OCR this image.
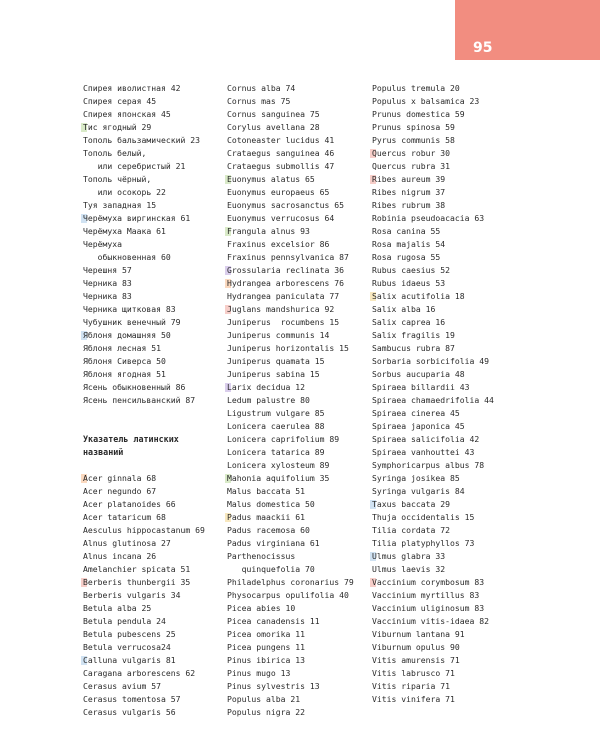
95
Спирея иволистная 42
Спирея серая 45
Спирея японская 45
Тис ягодный 29
Тополь бальзамический 23
Тополь белый,
или серебристый 21
Тополь чёрный,
или осокорь 22
Туя западная 15
Черёмуха виргинская 61
Черёмуха Маака 61
Черёмуха
обыкновенная 60
Черешня 57
Черника 83
Черника 83
Черника щитковая 83
Чубушник венечный 79
Яблоня домашняя 50
Яблоня лесная 51
Яблоня Сиверса 50
Яблоня ягодная 51
Ясень обыкновенный 86
Ясень пенсильванский 87
Указатель латинских
названий
Acer ginnala 68
Acer negundo 67
Acer platanoides 66
Acer tataricum 68
Aesculus hippocastanum 69
Alnus glutinosa 27
Alnus incana 26
Amelanchier spicata 51
Berberis thunbergii 35
Berberis vulgaris 34
Betula alba 25
Betula pendula 24
Betula pubescens 25
Betula verrucosa24
Calluna vulgaris 81
Caragana arborescens 62
Cerasus avium 57
Cerasus tomentosa 57
Cerasus vulgaris 56
Cornus alba 74
Cornus mas 75
Cornus sanguinea 75
Corylus avellana 28
Cotoneaster lucidus 41
Crataegus sanguinea 46
Crataegus submollis 47
Euonymus alatus 65
Euonymus europaeus 65
Euonymus sacrosanctus 65
Euonymus verrucosus 64
Frangula alnus 93
Fraxinus excelsior 86
Fraxinus pennsylvanica 87
Grossularia reclinata 36
Hydrangea arborescens 76
Hydrangea paniculata 77
Juglans mandshurica 92
Juniperus  rocumbens 15
Juniperus communis 14
Juniperus horizontalis 15
Juniperus quamata 15
Juniperus sabina 15
Larix decidua 12
Ledum palustre 80
Ligustrum vulgare 85
Lonicera caerulea 88
Lonicera caprifolium 89
Lonicera tatarica 89
Lonicera xylosteum 89
Mahonia aquifolium 35
Malus baccata 51
Malus domestica 50
Padus maackii 61
Padus racemosa 60
Padus virginiana 61
Parthenocissus
quinquefolia 70
Philadelphus coronarius 79
Physocarpus opulifolia 40
Picea abies 10
Picea canadensis 11
Picea omorika 11
Picea pungens 11
Pinus ibirica 13
Pinus mugo 13
Pinus sylvestris 13
Populus alba 21
Populus nigra 22
Populus tremula 20
Populus x balsamica 23
Prunus domestica 59
Prunus spinosa 59
Pyrus communis 58
Quercus robur 30
Quercus rubra 31
Ribes aureum 39
Ribes nigrum 37
Ribes rubrum 38
Robinia pseudoacacia 63
Rosa canina 55
Rosa majalis 54
Rosa rugosa 55
Rubus caesius 52
Rubus idaeus 53
Salix acutifolia 18
Salix alba 16
Salix caprea 16
Salix fragilis 19
Sambucus rubra 87
Sorbaria sorbicifolia 49
Sorbus aucuparia 48
Spiraea billardii 43
Spiraea chamaedrifolia 44
Spiraea cinerea 45
Spiraea japonica 45
Spiraea salicifolia 42
Spiraea vanhouttei 43
Symphoricarpus albus 78
Syringa josikea 85
Syringa vulgaris 84
Taxus baccata 29
Thuja occidentalis 15
Tilia cordata 72
Tilia platyphyllos 73
Ulmus glabra 33
Ulmus laevis 32
Vaccinium corymbosum 83
Vaccinium myrtillus 83
Vaccinium uliginosum 83
Vaccinium vitis-idaea 82
Viburnum lantana 91
Viburnum opulus 90
Vitis amurensis 71
Vitis labrusco 71
Vitis riparia 71
Vitis vinifera 71
